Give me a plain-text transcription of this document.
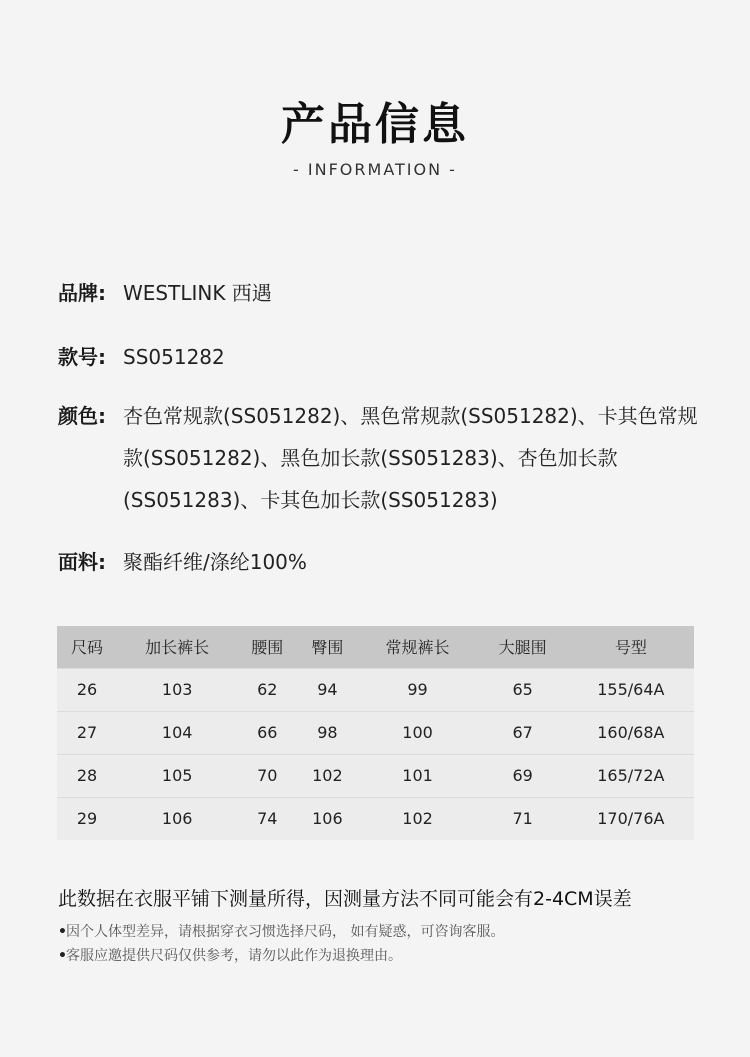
产品信息
- INFORMATION -
品牌: WESTLINK 西遇
款号: SS051282
颜色: 杏色常规款(SS051282)、黑色常规款(SS051282)、卡其色常规款(SS051282)、黑色加长款(SS051283)、杏色加长款(SS051283)、卡其色加长款(SS051283)
面料: 聚酯纤维/涤纶100%
尺码	加长裤长	腰围	臀围	常规裤长	大腿围	号型
26	103	62	94	99	65	155/64A
27	104	66	98	100	67	160/68A
28	105	70	102	101	69	165/72A
29	106	74	106	102	71	170/76A
此数据在衣服平铺下测量所得，因测量方法不同可能会有2-4CM误差
•因个人体型差异，请根据穿衣习惯选择尺码， 如有疑惑，可咨询客服。
•客服应邀提供尺码仅供参考，请勿以此作为退换理由。
